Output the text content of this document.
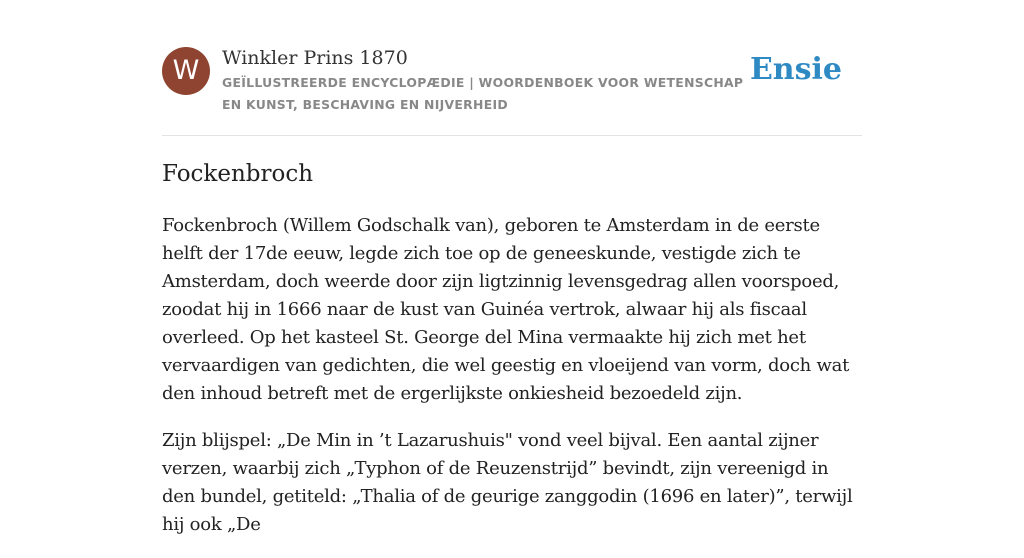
W	Winkler Prins 1870
GEÏLLUSTREERDE ENCYCLOPÆDIE | WOORDENBOEK VOOR WETENSCHAP EN KUNST, BESCHAVING EN NIJVERHEID
Ensie
Fockenbroch

Fockenbroch (Willem Godschalk van), geboren te Amsterdam in de eerste helft der 17de eeuw, legde zich toe op de geneeskunde, vestigde zich te Amsterdam, doch weerde door zijn ligtzinnig levensgedrag allen voorspoed, zoodat hij in 1666 naar de kust van Guinéa vertrok, alwaar hij als fiscaal overleed. Op het kasteel St. George del Mina vermaakte hij zich met het vervaardigen van gedichten, die wel geestig en vloeijend van vorm, doch wat den inhoud betreft met de ergerlijkste onkiesheid bezoedeld zijn.

Zijn blijspel: „De Min in ’t Lazarushuis" vond veel bijval. Een aantal zijner verzen, waarbij zich „Typhon of de Reuzenstrijd” bevindt, zijn vereenigd in den bundel, getiteld: „Thalia of de geurige zanggodin (1696 en later)”, terwijl hij ook „De
